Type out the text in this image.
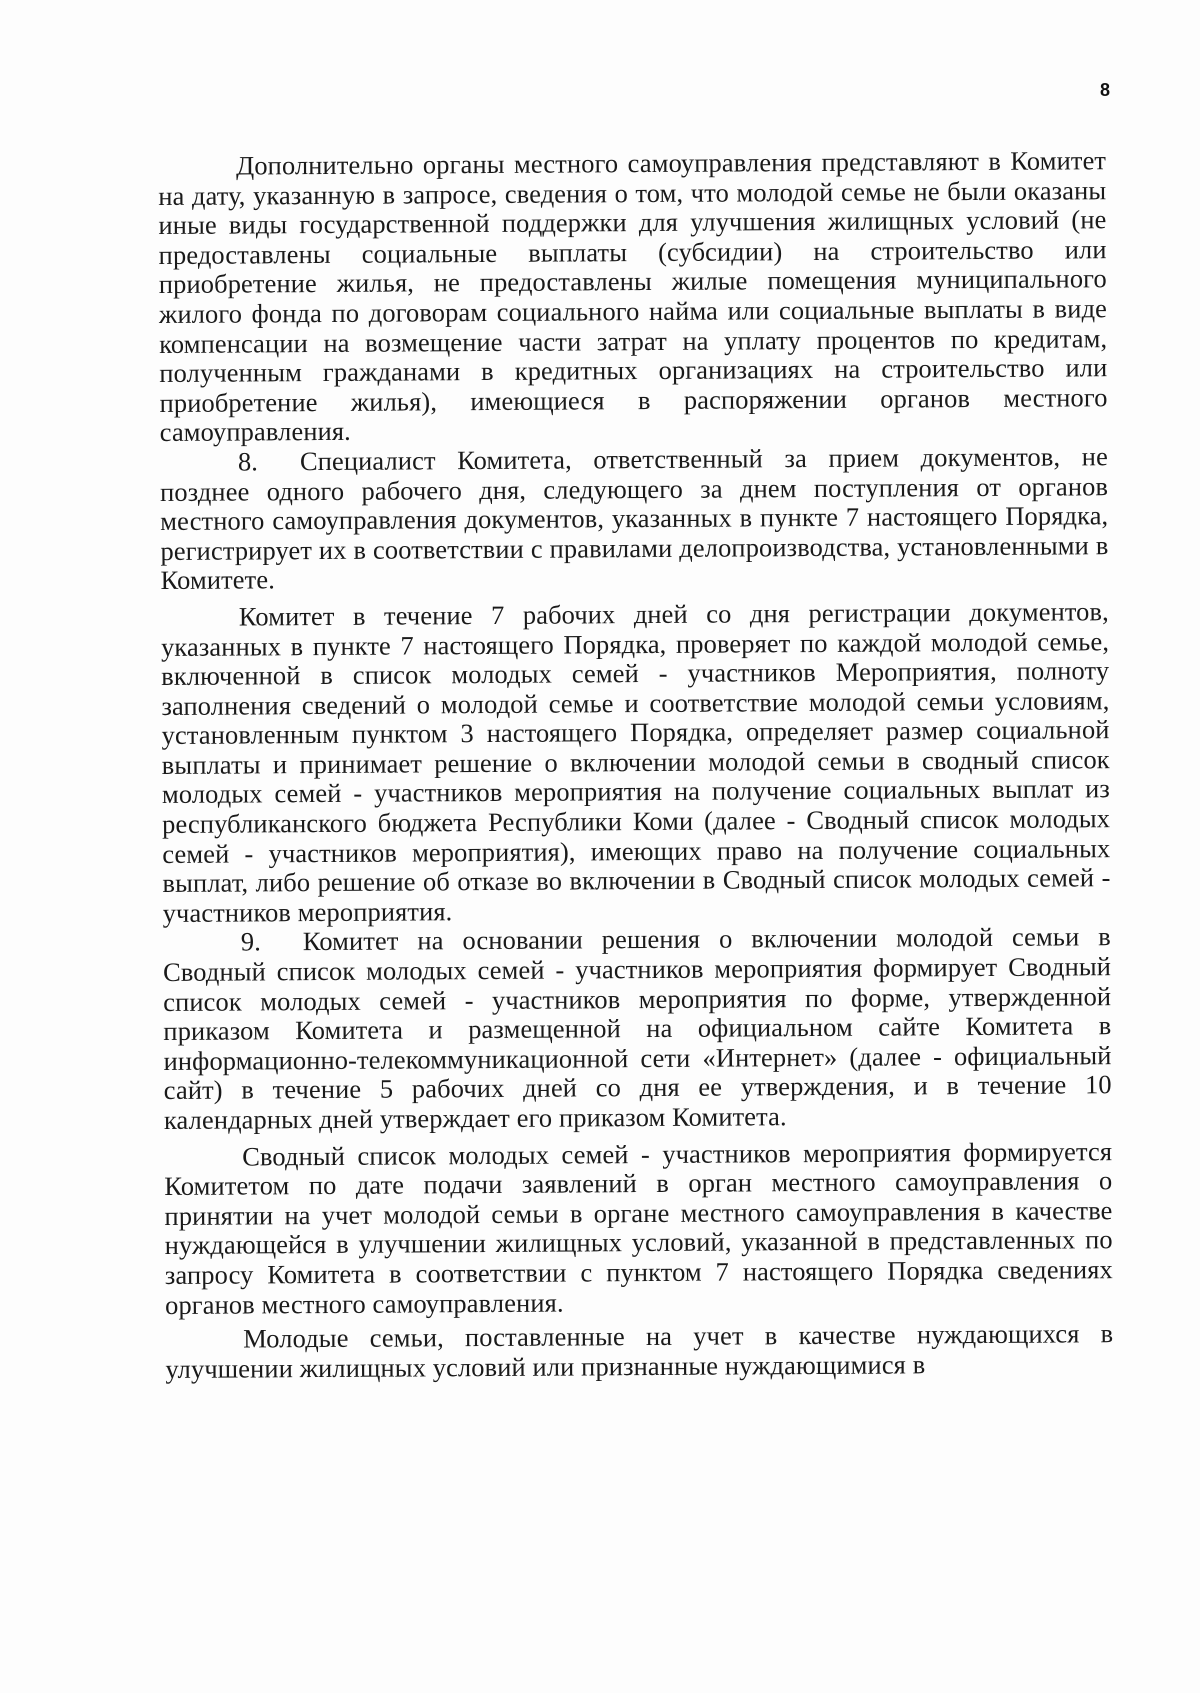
8

Дополнительно органы местного самоуправления представляют в Комитет на дату, указанную в запросе, сведения о том, что молодой семье не были оказаны иные виды государственной поддержки для улучшения жилищных условий (не предоставлены социальные выплаты (субсидии) на строительство или приобретение жилья, не предоставлены жилые помещения муниципального жилого фонда по договорам социального найма или социальные выплаты в виде компенсации на возмещение части затрат на уплату процентов по кредитам, полученным гражданами в кредитных организациях на строительство или приобретение жилья), имеющиеся в распоряжении органов местного самоуправления.

8. Специалист Комитета, ответственный за прием документов, не позднее одного рабочего дня, следующего за днем поступления от органов местного самоуправления документов, указанных в пункте 7 настоящего Порядка, регистрирует их в соответствии с правилами делопроизводства, установленными в Комитете.

Комитет в течение 7 рабочих дней со дня регистрации документов, указанных в пункте 7 настоящего Порядка, проверяет по каждой молодой семье, включенной в список молодых семей - участников Мероприятия, полноту заполнения сведений о молодой семье и соответствие молодой семьи условиям, установленным пунктом 3 настоящего Порядка, определяет размер социальной выплаты и принимает решение о включении молодой семьи в сводный список молодых семей - участников мероприятия на получение социальных выплат из республиканского бюджета Республики Коми (далее - Сводный список молодых семей - участников мероприятия), имеющих право на получение социальных выплат, либо решение об отказе во включении в Сводный список молодых семей - участников мероприятия.

9. Комитет на основании решения о включении молодой семьи в Сводный список молодых семей - участников мероприятия формирует Сводный список молодых семей - участников мероприятия по форме, утвержденной приказом Комитета и размещенной на официальном сайте Комитета в информационно-телекоммуникационной сети «Интернет» (далее - официальный сайт) в течение 5 рабочих дней со дня ее утверждения, и в течение 10 календарных дней утверждает его приказом Комитета.

Сводный список молодых семей - участников мероприятия формируется Комитетом по дате подачи заявлений в орган местного самоуправления о принятии на учет молодой семьи в органе местного самоуправления в качестве нуждающейся в улучшении жилищных условий, указанной в представленных по запросу Комитета в соответствии с пунктом 7 настоящего Порядка сведениях органов местного самоуправления.

Молодые семьи, поставленные на учет в качестве нуждающихся в улучшении жилищных условий или признанные нуждающимися в
